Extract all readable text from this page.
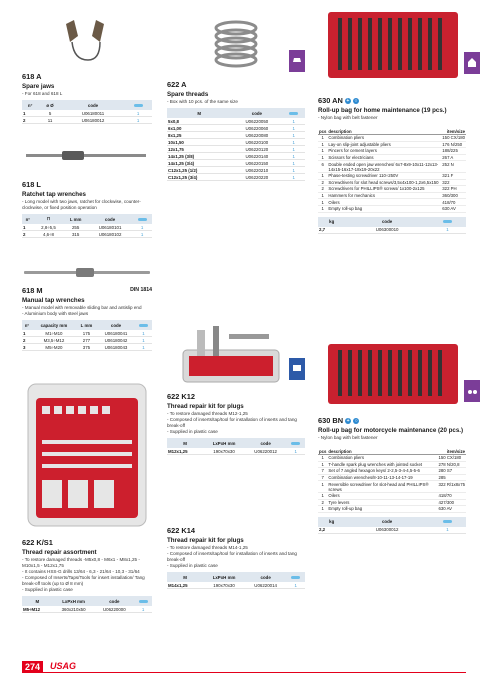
618 A

Spare jaws

- For 618 and 618 L
n°	ø Ø	code	
1	5	U06180011	1
2	11	U06180012	1

618 L

Ratchet tap wrenches

- Long model with two jaws, ratchet for clockwise, counter-clockwise, or fixed position operation
n°	⊓	L mm	code	
1	2,8÷5,5	255	U06180101	1
2	4,6÷8	315	U06180102	1

618 M	DIN 1814

Manual tap wrenches

- Manual model with removable sliding bar and antislip end
- Aluminium body with steel jaws
n°	capacity mm	L mm	code	
1	M1÷M10	175	U06180041	1
2	M3,5÷M12	277	U06180042	1
3	M5÷M20	375	U06180043	1

622 K/S1

Thread repair assortment

- To restore damaged threads -M5x0,8 - M6x1 - M8x1,25 - M10x1,5 - M12x1,75
- It contains HSS-G drills 13/64 - 6,3 - 21/64 - 10,3 - 31/64
- Composed of Inserts/Taps/Tools for insert installation/ Tang break-off tools (up to Ø 8 mm)
- Supplied in plastic case
M	LxPxH mm	code	
M5÷M12	360x210x50	U06220000	1

622 A

Spare threads

- Box with 10 pcs. of the same size
M	code	
5x0,8	U06220050	1
6x1,00	U06220060	1
8x1,25	U06220080	1
10x1,50	U06220100	1
12x1,75	U06220120	1
14x1,25 (3/8)	U06220140	1
14x1,25 (3/4)	U06220150	1
C12x1,25 (1/2)	U06220210	1
C12x1,25 (3/4)	U06220220	1

622 K12

Thread repair kit for plugs

- To restore damaged threads M12-1,25
- Composed of inserts/tap/tool for installation of inserts and tang break-off
- Supplied in plastic case
M	LxPxH mm	code	
M12x1,25	190x70x30	U06220012	1

622 K14

Thread repair kit for plugs

- To restore damaged threads M14-1,25
- Composed of inserts/tap/tool for installation of inserts and tang break-off
- Supplied in plastic case
M	LxPxH mm	code	
M14x1,25	190x70x30	U06220014	1

630 AN + ○

Roll-up bag for home maintenance (19 pcs.)

- Nylon bag with belt fastener
pcs	description	item/size
1	Combination pliers	150 CX/180
1	Lay-on slip-joint adjustable pliers	176 N/250
1	Pincers for cement layers	188/225
1	Scissors for electricians	267 A
6	Double ended open jaw wrenches/ 6x7-8x9-10x11-12x13-14x15-16x17-18x19-20x22	252 N
1	Phase-testing screwdriver 110÷250V	321 F
2	Screwdrivers for slot head screws/3,5x4x100-1,2x6,5x150	322
2	Screwdrivers for PHILLIPS® screws/ 1x100-2x125	322 PH
1	Hammers for mechanics	360/300
1	Oilers	418/70
1	Empty roll-up bag	630 AV
kg	code	
2,7	U06300010	1

630 BN + ○

Roll-up bag for motorcycle maintenance (20 pcs.)

- Nylon bag with belt fastener
pcs	description	item/size
1	Combination pliers	150 CX/180
1	T-handle spark plug wrenches with jointed socket	278 N/20,8
7	Set of 7 angled hexagon keys/ 2-2,5-3-4-4,5-5-6	280 S7
7	Combination wrenches/8-10-11-13-14-17-19	285
1	Reversible screwdriver for slot-head and PHILLIPS® screws	322 R/1x8x75
1	Oilers	418/70
2	Tyre levers	427/300
1	Empty roll-up bag	630 AV
kg	code	
2,2	U06300012	1
274	USAG
